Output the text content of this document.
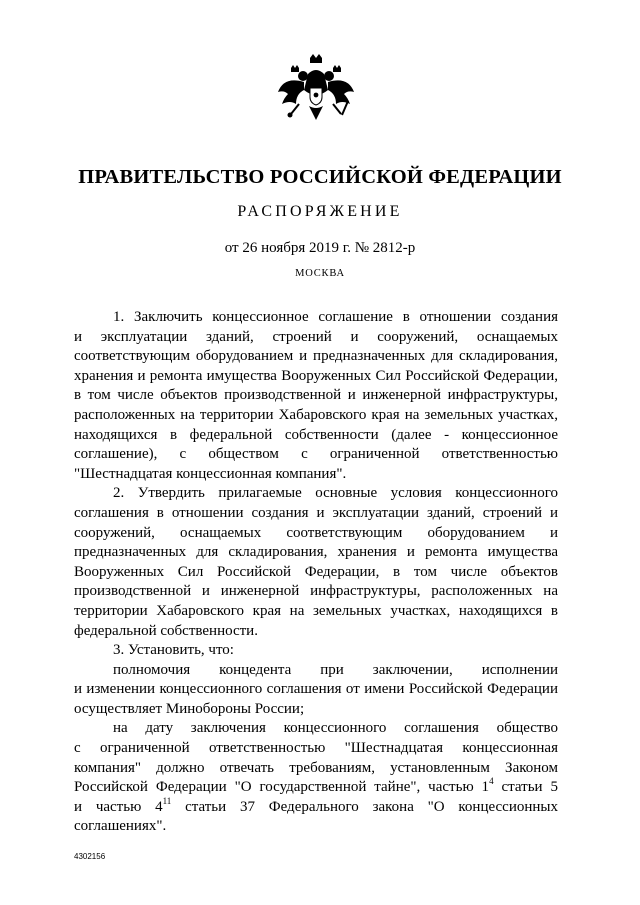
ПРАВИТЕЛЬСТВО РОССИЙСКОЙ ФЕДЕРАЦИИ
РАСПОРЯЖЕНИЕ
от 26 ноября 2019 г. № 2812-р
МОСКВА
1. Заключить концессионное соглашение в отношении создания
и эксплуатации зданий, строений и сооружений, оснащаемых
соответствующим оборудованием и предназначенных для складирования,
хранения и ремонта имущества Вооруженных Сил Российской Федерации,
в том числе объектов производственной и инженерной инфраструктуры,
расположенных на территории Хабаровского края на земельных участках,
находящихся в федеральной собственности (далее - концессионное
соглашение), с обществом с ограниченной ответственностью
"Шестнадцатая концессионная компания".
2. Утвердить прилагаемые основные условия концессионного
соглашения в отношении создания и эксплуатации зданий, строений и
сооружений, оснащаемых соответствующим оборудованием и
предназначенных для складирования, хранения и ремонта имущества
Вооруженных Сил Российской Федерации, в том числе объектов
производственной и инженерной инфраструктуры, расположенных на
территории Хабаровского края на земельных участках, находящихся в
федеральной собственности.
3. Установить, что:
полномочия концедента при заключении, исполнении
и изменении концессионного соглашения от имени Российской Федерации
осуществляет Минобороны России;
на дату заключения концессионного соглашения общество
с ограниченной ответственностью "Шестнадцатая концессионная
компания" должно отвечать требованиям, установленным Законом
Российской Федерации "О государственной тайне", частью $1^4$ статьи 5
и частью $4^{11}$ статьи 37 Федерального закона "О концессионных
соглашениях".
4302156
